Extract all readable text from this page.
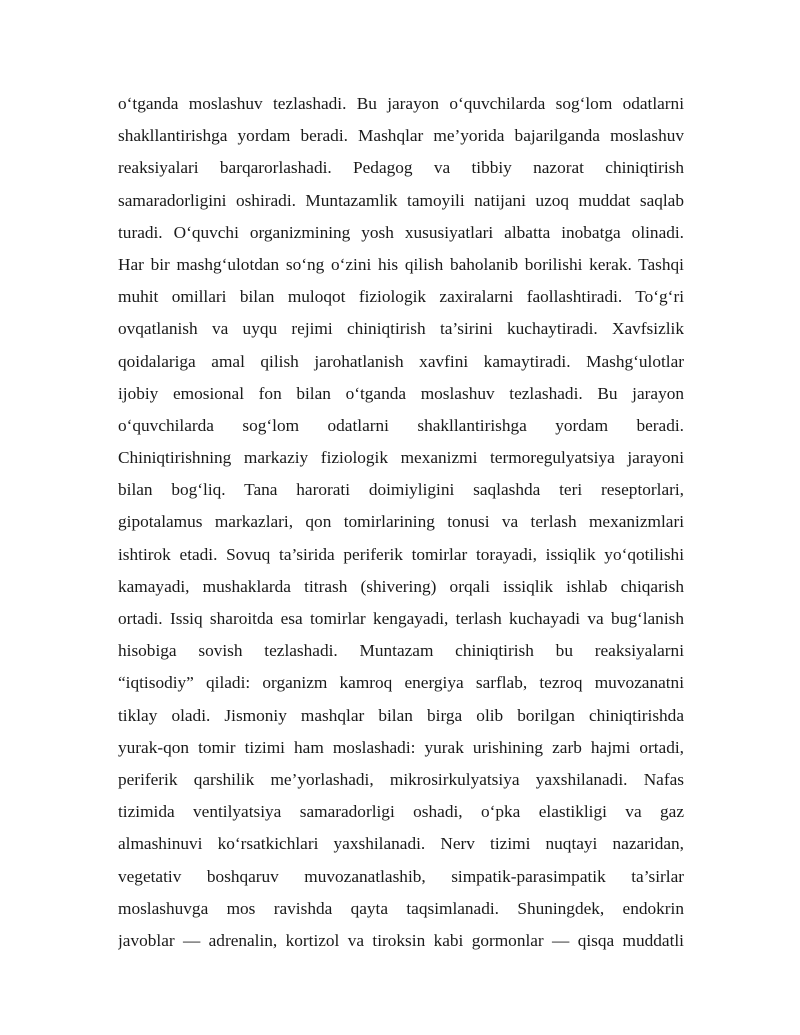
o‘tganda moslashuv tezlashadi. Bu jarayon o‘quvchilarda sog‘lom odatlarni
shakllantirishga yordam beradi. Mashqlar me’yorida bajarilganda moslashuv
reaksiyalari barqarorlashadi. Pedagog va tibbiy nazorat chiniqtirish
samaradorligini oshiradi. Muntazamlik tamoyili natijani uzoq muddat saqlab
turadi. O‘quvchi organizmining yosh xususiyatlari albatta inobatga olinadi.
Har bir mashg‘ulotdan so‘ng o‘zini his qilish baholanib borilishi kerak. Tashqi
muhit omillari bilan muloqot fiziologik zaxiralarni faollashtiradi. To‘g‘ri
ovqatlanish va uyqu rejimi chiniqtirish ta’sirini kuchaytiradi. Xavfsizlik
qoidalariga amal qilish jarohatlanish xavfini kamaytiradi. Mashg‘ulotlar
ijobiy emosional fon bilan o‘tganda moslashuv tezlashadi. Bu jarayon
o‘quvchilarda sog‘lom odatlarni shakllantirishga yordam beradi.
Chiniqtirishning markaziy fiziologik mexanizmi termoregulyatsiya jarayoni
bilan bog‘liq. Tana harorati doimiyligini saqlashda teri reseptorlari,
gipotalamus markazlari, qon tomirlarining tonusi va terlash mexanizmlari
ishtirok etadi. Sovuq ta’sirida periferik tomirlar torayadi, issiqlik yo‘qotilishi
kamayadi, mushaklarda titrash (shivering) orqali issiqlik ishlab chiqarish
ortadi. Issiq sharoitda esa tomirlar kengayadi, terlash kuchayadi va bug‘lanish
hisobiga sovish tezlashadi. Muntazam chiniqtirish bu reaksiyalarni
“iqtisodiy” qiladi: organizm kamroq energiya sarflab, tezroq muvozanatni
tiklay oladi. Jismoniy mashqlar bilan birga olib borilgan chiniqtirishda
yurak-qon tomir tizimi ham moslashadi: yurak urishining zarb hajmi ortadi,
periferik qarshilik me’yorlashadi, mikrosirkulyatsiya yaxshilanadi. Nafas
tizimida ventilyatsiya samaradorligi oshadi, o‘pka elastikligi va gaz
almashinuvi ko‘rsatkichlari yaxshilanadi. Nerv tizimi nuqtayi nazaridan,
vegetativ boshqaruv muvozanatlashib, simpatik-parasimpatik ta’sirlar
moslashuvga mos ravishda qayta taqsimlanadi. Shuningdek, endokrin
javoblar — adrenalin, kortizol va tiroksin kabi gormonlar — qisqa muddatli
